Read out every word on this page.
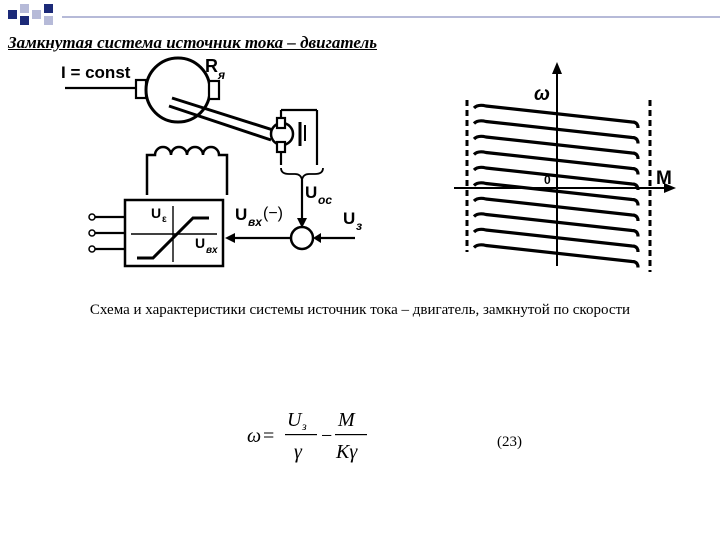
Замкнутая система источник тока – двигатель
I = const	R я
(−)
U ос
U вх	U з
U ε
U вх
ω
M
0
Схема и характеристики системы источник тока – двигатель, замкнутой по скорости
ω =
U з
γ
−
M
Kγ	(23)
